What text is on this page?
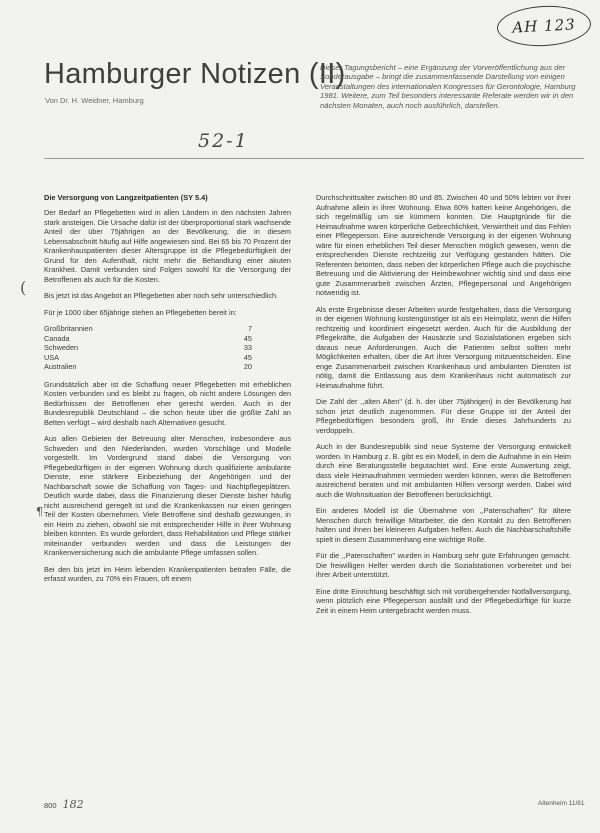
AH 123
Hamburger Notizen (II)
Von Dr. H. Weidner, Hamburg

Dieser Tagungsbericht – eine Ergänzung der Vorveröffentlichung aus der Sonderausgabe – bringt die zusammenfassende Darstellung von einigen Veranstaltungen des internationalen Kongresses für Gerontologie, Hamburg 1981. Weitere, zum Teil besonders interessante Referate werden wir in den nächsten Monaten, auch noch ausführlich, darstellen.

52-1
Die Versorgung von Langzeitpatienten (SY 5.4)

Der Bedarf an Pflegebetten wird in allen Ländern in den nächsten Jahren stark ansteigen. Die Ursache dafür ist der überproportional stark wachsende Anteil der über 75jährigen an der Bevölkerung, die in diesem Lebensabschnitt häufig auf Hilfe angewiesen sind. Bei 65 bis 70 Prozent der Krankenhauspatienten dieser Altersgruppe ist die Pflegebedürftigkeit der Grund für den Aufenthalt, nicht mehr die Behandlung einer akuten Krankheit. Damit verbunden sind Folgen sowohl für die Versorgung der Betroffenen als auch für die Kosten.

Bis jetzt ist das Angebot an Pflegebetten aber noch sehr unterschiedlich.

Für je 1000 über 65jährige stehen an Pflegebetten bereit in:

Großbritannien	7
Canada	45
Schweden	33
USA	45
Australien	20

Grundsätzlich aber ist die Schaffung neuer Pflegebetten mit erheblichen Kosten verbunden und es bleibt zu fragen, ob nicht andere Lösungen den Bedürfnissen der Betroffenen eher gerecht werden. Auch in der Bundesrepublik Deutschland – die schon heute über die größte Zahl an Betten verfügt – wird deshalb nach Alternativen gesucht.

Aus allen Gebieten der Betreuung alter Menschen, insbesondere aus Schweden und den Niederlanden, wurden Vorschläge und Modelle vorgestellt. Im Vordergrund stand dabei die Versorgung von Pflegebedürftigen in der eigenen Wohnung durch qualifizierte ambulante Dienste, eine stärkere Einbeziehung der Angehörigen und der Nachbarschaft sowie die Schaffung von Tages- und Nachtpflegeplätzen. Deutlich wurde dabei, dass die Finanzierung dieser Dienste bisher häufig nicht ausreichend geregelt ist und die Krankenkassen nur einen geringen Teil der Kosten übernehmen. Viele Betroffene sind deshalb gezwungen, in ein Heim zu ziehen, obwohl sie mit entsprechender Hilfe in ihrer Wohnung bleiben könnten. Es wurde gefordert, dass Rehabilitation und Pflege stärker miteinander verbunden werden und dass die Leistungen der Krankenversicherung auch die ambulante Pflege umfassen sollen.

Bei den bis jetzt im Heim lebenden Krankenpatienten betrafen Fälle, die erfasst wurden, zu 70% ein Frauen, oft einem

Durchschnittsalter zwischen 80 und 85. Zwischen 40 und 50% lebten vor ihrer Aufnahme allein in ihrer Wohnung. Etwa 60% hatten keine Angehörigen, die sich regelmäßig um sie kümmern konnten. Die Hauptgründe für die Heimaufnahme waren körperliche Gebrechlichkeit, Verwirrtheit und das Fehlen einer Pflegeperson. Eine ausreichende Versorgung in der eigenen Wohnung wäre für einen erheblichen Teil dieser Menschen möglich gewesen, wenn die entsprechenden Dienste rechtzeitig zur Verfügung gestanden hätten. Die Referenten betonten, dass neben der körperlichen Pflege auch die psychische Betreuung und die Aktivierung der Heimbewohner wichtig sind und dass eine gute Zusammenarbeit zwischen Ärzten, Pflegepersonal und Angehörigen notwendig ist.

Als erste Ergebnisse dieser Arbeiten wurde festgehalten, dass die Versorgung in der eigenen Wohnung kostengünstiger ist als ein Heimplatz, wenn die Hilfen rechtzeitig und koordiniert eingesetzt werden. Auch für die Ausbildung der Pflegekräfte, die Aufgaben der Hausärzte und Sozialstationen ergeben sich daraus neue Anforderungen. Auch die Patienten selbst sollten mehr Möglichkeiten erhalten, über die Art ihrer Versorgung mitzuentscheiden. Eine enge Zusammenarbeit zwischen Krankenhaus und ambulanten Diensten ist nötig, damit die Entlassung aus dem Krankenhaus nicht automatisch zur Heimaufnahme führt.

Die Zahl der ,,alten Alten'' (d. h. der über 75jährigen) in der Bevölkerung hat schon jetzt deutlich zugenommen. Für diese Gruppe ist der Anteil der Pflegebedürftigen besonders groß, ihr Ende dieses Jahrhunderts zu verdoppeln.

Auch in der Bundesrepublik sind neue Systeme der Versorgung entwickelt worden. In Hamburg z. B. gibt es ein Modell, in dem die Aufnahme in ein Heim durch eine Beratungsstelle begutachtet wird. Eine erste Auswertung zeigt, dass viele Heimaufnahmen vermieden werden können, wenn die Betroffenen ausreichend beraten und mit ambulanten Hilfen versorgt werden. Dabei wird auch die Wohnsituation der Betroffenen berücksichtigt.

Ein anderes Modell ist die Übernahme von ,,Patenschaften'' für ältere Menschen durch freiwillige Mitarbeiter, die den Kontakt zu den Betroffenen halten und ihnen bei kleineren Aufgaben helfen. Auch die Nachbarschaftshilfe spielt in diesem Zusammenhang eine wichtige Rolle.

Für die ,,Patenschaften'' wurden in Hamburg sehr gute Erfahrungen gemacht. Die freiwilligen Helfer werden durch die Sozialstationen vorbereitet und bei ihrer Arbeit unterstützt.

Eine dritte Einrichtung beschäftigt sich mit vorübergehender Notfallversorgung, wenn plötzlich eine Pflegeperson ausfällt und der Pflegebedürftige für kurze Zeit in einem Heim untergebracht werden muss.

(
¶
800 182	Altenheim 11/81
